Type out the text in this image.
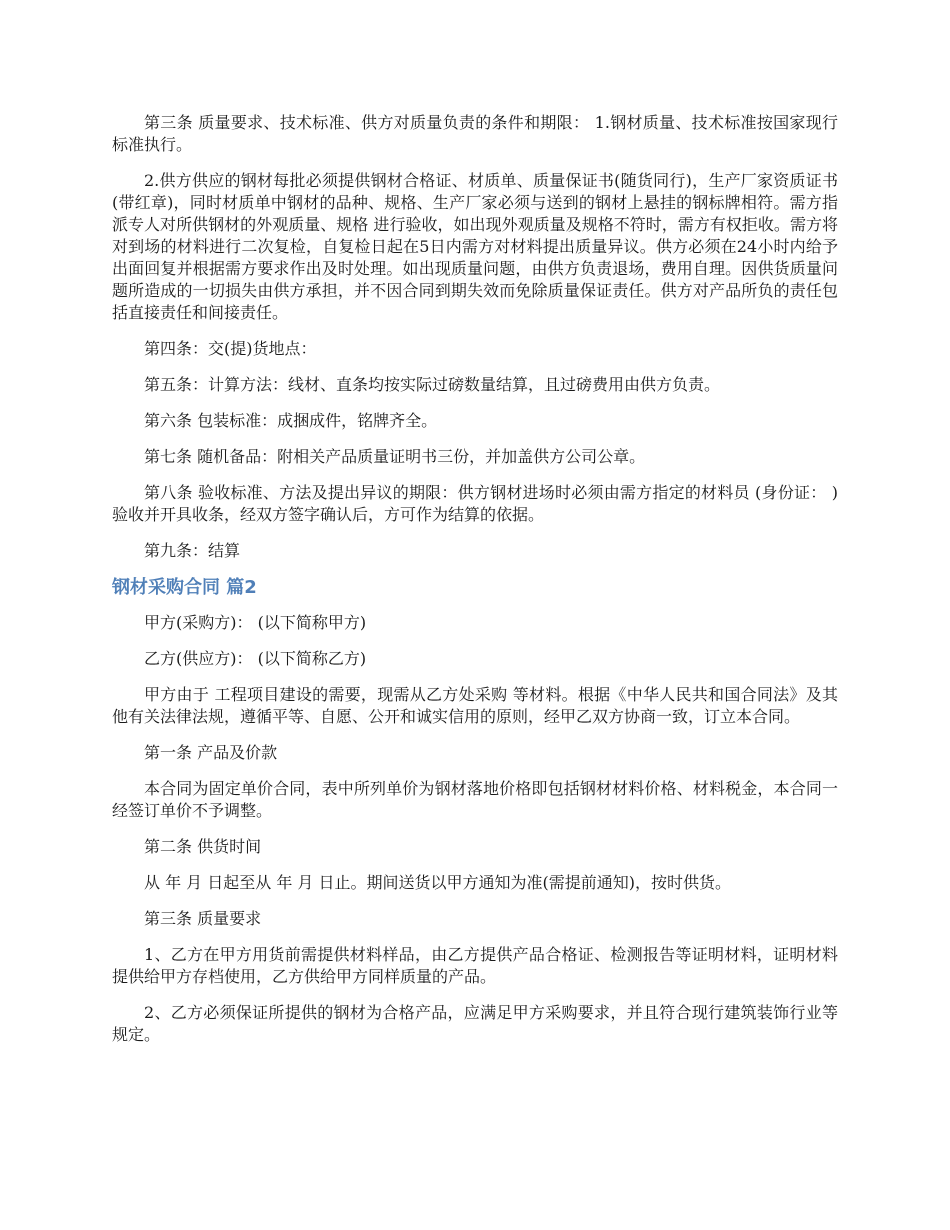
第三条 质量要求、技术标准、供方对质量负责的条件和期限： 1.钢材质量、技术标准按国家现行标准执行。

2.供方供应的钢材每批必须提供钢材合格证、材质单、质量保证书(随货同行)，生产厂家资质证书(带红章)，同时材质单中钢材的品种、规格、生产厂家必须与送到的钢材上悬挂的钢标牌相符。需方指派专人对所供钢材的外观质量、规格 进行验收，如出现外观质量及规格不符时，需方有权拒收。需方将对到场的材料进行二次复检，自复检日起在5日内需方对材料提出质量异议。供方必须在24小时内给予出面回复并根据需方要求作出及时处理。如出现质量问题，由供方负责退场，费用自理。因供货质量问题所造成的一切损失由供方承担，并不因合同到期失效而免除质量保证责任。供方对产品所负的责任包括直接责任和间接责任。

第四条：交(提)货地点：

第五条：计算方法：线材、直条均按实际过磅数量结算，且过磅费用由供方负责。

第六条 包装标准：成捆成件，铭牌齐全。

第七条 随机备品：附相关产品质量证明书三份，并加盖供方公司公章。

第八条 验收标准、方法及提出异议的期限：供方钢材进场时必须由需方指定的材料员 (身份证： )验收并开具收条，经双方签字确认后，方可作为结算的依据。

第九条：结算

钢材采购合同 篇2

甲方(采购方)： (以下简称甲方)

乙方(供应方)： (以下简称乙方)

甲方由于 工程项目建设的需要，现需从乙方处采购 等材料。根据《中华人民共和国合同法》及其他有关法律法规，遵循平等、自愿、公开和诚实信用的原则，经甲乙双方协商一致，订立本合同。

第一条 产品及价款

本合同为固定单价合同，表中所列单价为钢材落地价格即包括钢材材料价格、材料税金，本合同一经签订单价不予调整。

第二条 供货时间

从 年 月 日起至从 年 月 日止。期间送货以甲方通知为准(需提前通知)，按时供货。

第三条 质量要求

1、乙方在甲方用货前需提供材料样品，由乙方提供产品合格证、检测报告等证明材料，证明材料提供给甲方存档使用，乙方供给甲方同样质量的产品。

2、乙方必须保证所提供的钢材为合格产品，应满足甲方采购要求，并且符合现行建筑装饰行业等规定。
